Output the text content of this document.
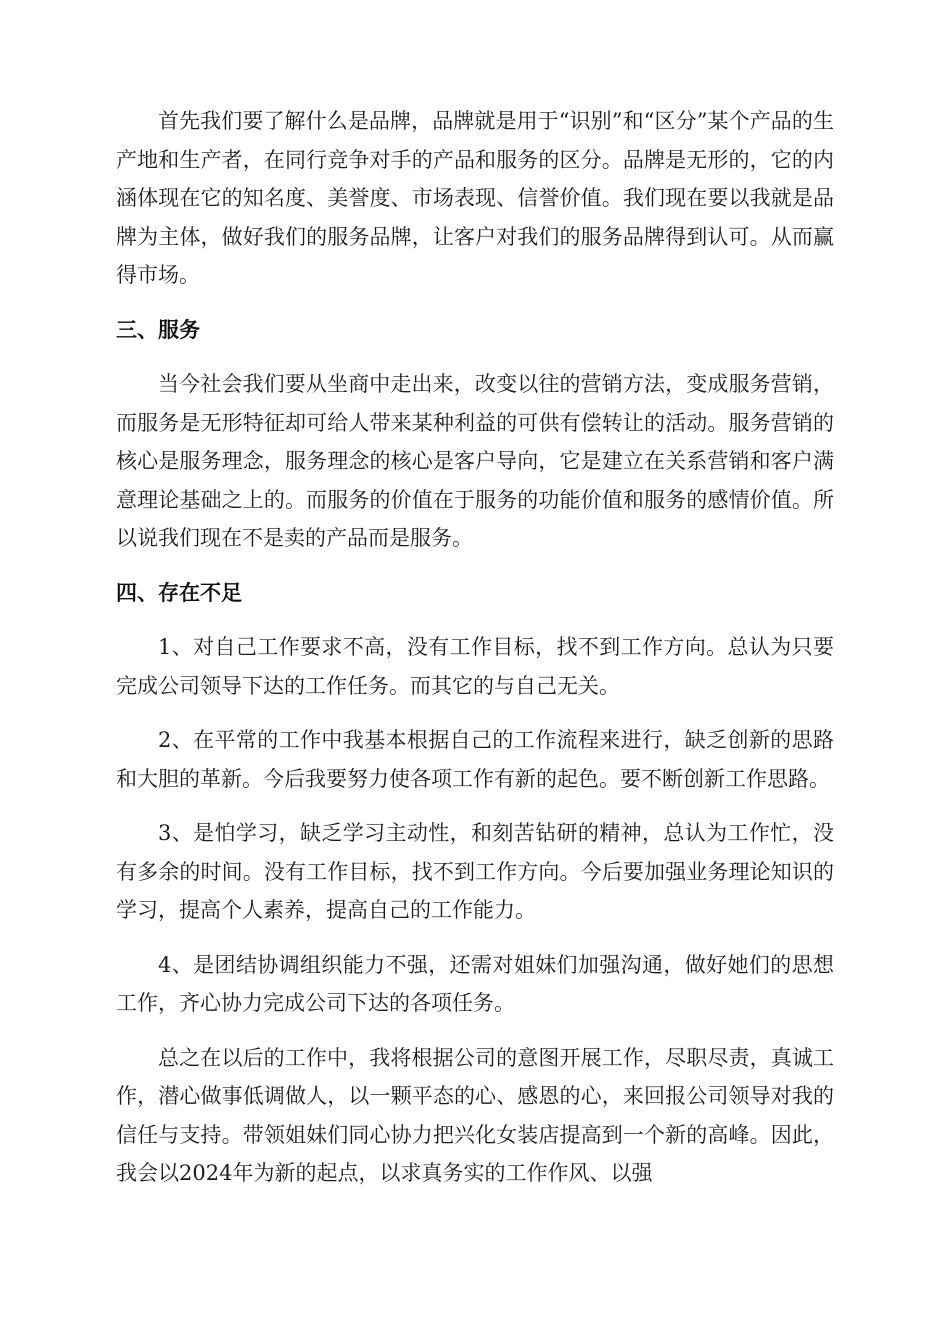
首先我们要了解什么是品牌，品牌就是用于“识别”和“区分”某个产品的生产地和生产者，在同行竞争对手的产品和服务的区分。品牌是无形的，它的内涵体现在它的知名度、美誉度、市场表现、信誉价值。我们现在要以我就是品牌为主体，做好我们的服务品牌，让客户对我们的服务品牌得到认可。从而赢得市场。

三、服务

当今社会我们要从坐商中走出来，改变以往的营销方法，变成服务营销，而服务是无形特征却可给人带来某种利益的可供有偿转让的活动。服务营销的核心是服务理念，服务理念的核心是客户导向，它是建立在关系营销和客户满意理论基础之上的。而服务的价值在于服务的功能价值和服务的感情价值。所以说我们现在不是卖的产品而是服务。

四、存在不足

1、对自己工作要求不高，没有工作目标，找不到工作方向。总认为只要完成公司领导下达的工作任务。而其它的与自己无关。

2、在平常的工作中我基本根据自己的工作流程来进行，缺乏创新的思路和大胆的革新。今后我要努力使各项工作有新的起色。要不断创新工作思路。

3、是怕学习，缺乏学习主动性，和刻苦钻研的精神，总认为工作忙，没有多余的时间。没有工作目标，找不到工作方向。今后要加强业务理论知识的学习，提高个人素养，提高自己的工作能力。

4、是团结协调组织能力不强，还需对姐妹们加强沟通，做好她们的思想工作，齐心协力完成公司下达的各项任务。

总之在以后的工作中，我将根据公司的意图开展工作，尽职尽责，真诚工作，潜心做事低调做人，以一颗平态的心、感恩的心，来回报公司领导对我的信任与支持。带领姐妹们同心协力把兴化女装店提高到一个新的高峰。因此，我会以2024年为新的起点，以求真务实的工作作风、以强
